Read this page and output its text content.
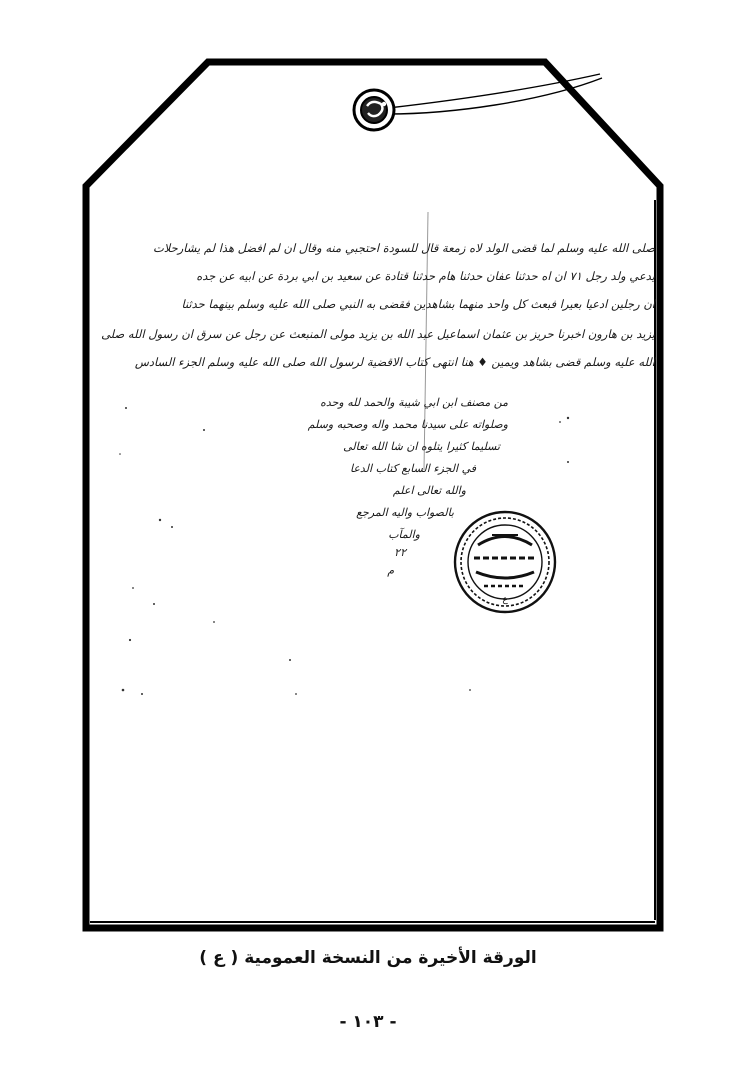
ع
صلى الله عليه وسلم لما قضى الولد لاه زمعة قال للسودة احتجبي منه وقال ان لم افضل هذا لم يشارحلات
يدعي ولد رجل ٧١ ان اه حدثنا عفان حدثنا هام حدثنا قتادة عن سعيد بن ابي بردة عن ابيه عن جده
ان رجلين ادعيا بعيرا فبعث كل واحد منهما بشاهدين فقضى به النبي صلى الله عليه وسلم بينهما حدثنا
يزيد بن هارون اخبرنا حريز بن عثمان اسماعيل عبد الله بن يزيد مولى المنبعث عن رجل عن سرق ان رسول الله صلى
الله عليه وسلم قضى بشاهد ويمين ♦ هنا انتهى كتاب الاقضية لرسول الله صلى الله عليه وسلم الجزء السادس
من مصنف ابن ابي شيبة والحمد لله وحده
وصلواته على سيدنا محمد واله وصحبه وسلم
تسليما كثيرا يتلوه ان شا الله تعالى
في الجزء السابع كتاب الدعا
والله تعالى اعلم
بالصواب واليه المرجع
والمآب
٢٢
م
الورقة الأخيرة من النسخة العمومية ( ع )
- ١٠٣ -
